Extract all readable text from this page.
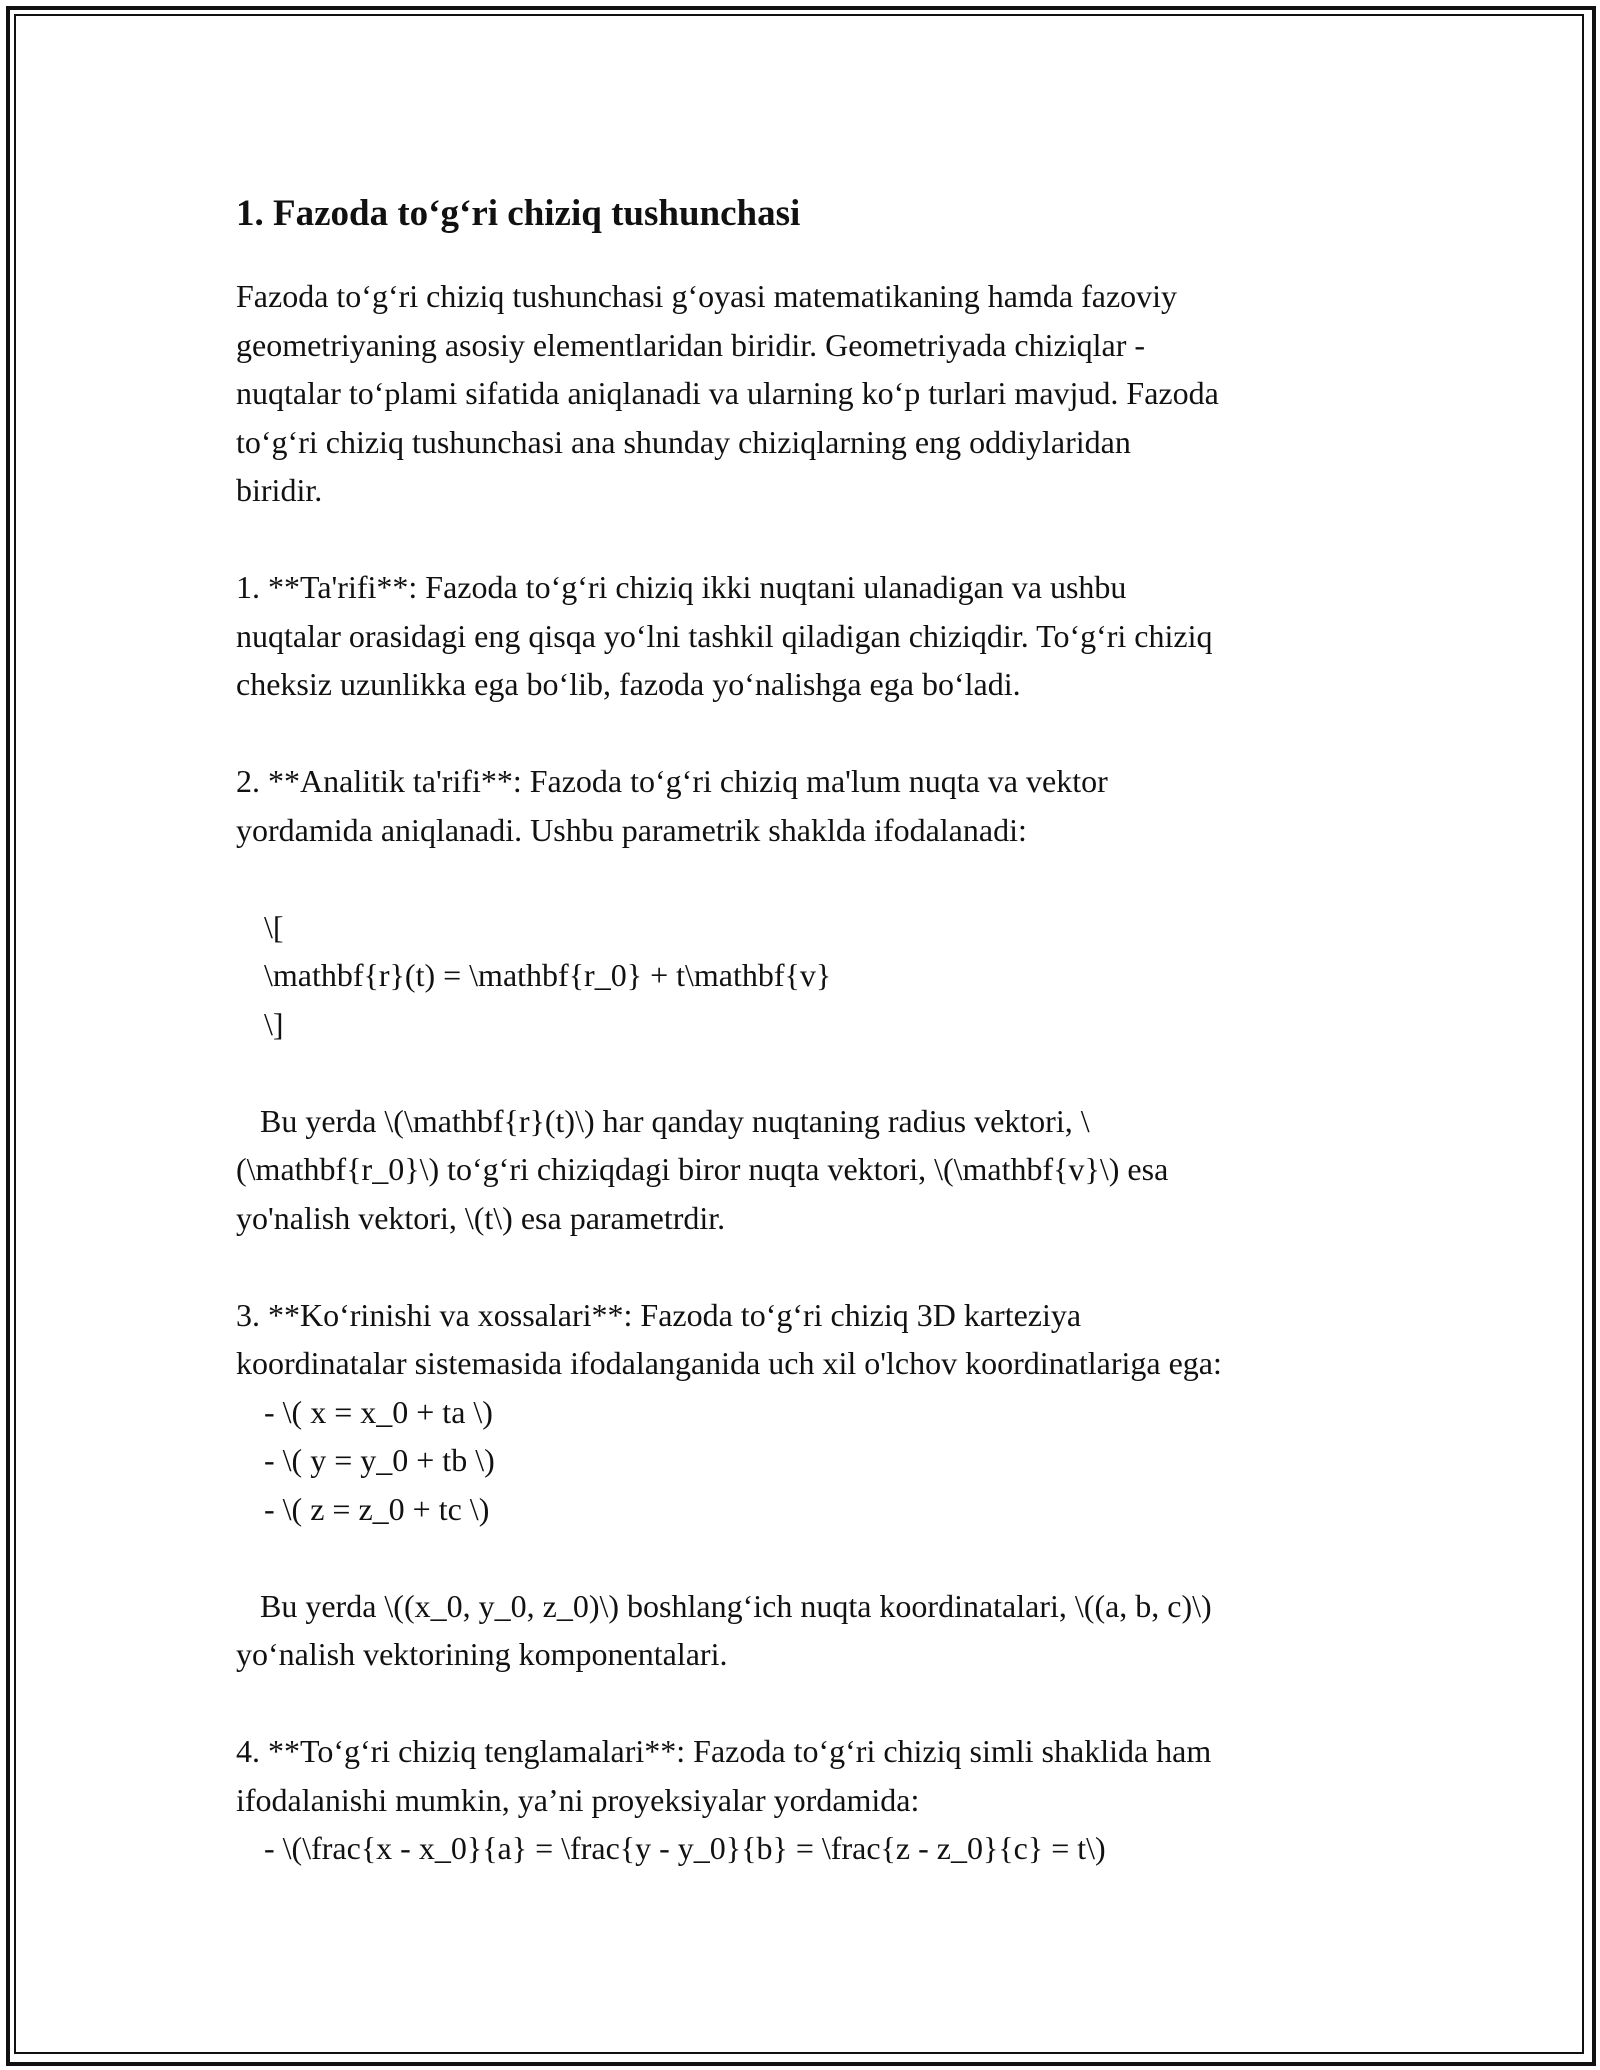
1. Fazoda to‘g‘ri chiziq tushunchasi

Fazoda to‘g‘ri chiziq tushunchasi g‘oyasi matematikaning hamda fazoviy
geometriyaning asosiy elementlaridan biridir. Geometriyada chiziqlar -
nuqtalar to‘plami sifatida aniqlanadi va ularning ko‘p turlari mavjud. Fazoda
to‘g‘ri chiziq tushunchasi ana shunday chiziqlarning eng oddiylaridan
biridir.

1. **Ta'rifi**: Fazoda to‘g‘ri chiziq ikki nuqtani ulanadigan va ushbu
nuqtalar orasidagi eng qisqa yo‘lni tashkil qiladigan chiziqdir. To‘g‘ri chiziq
cheksiz uzunlikka ega bo‘lib, fazoda yo‘nalishga ega bo‘ladi.

2. **Analitik ta'rifi**: Fazoda to‘g‘ri chiziq ma'lum nuqta va vektor
yordamida aniqlanadi. Ushbu parametrik shakldа ifodalanadi:

\[

\mathbf{r}(t) = \mathbf{r_0} + t\mathbf{v}

\]

Bu yerda \(\mathbf{r}(t)\) har qanday nuqtaning radius vektori, \
(\mathbf{r_0}\) to‘g‘ri chiziqdagi biror nuqta vektori, \(\mathbf{v}\) esa
yo'nalish vektori, \(t\) esa parametrdir.

3. **Ko‘rinishi va xossalari**: Fazoda to‘g‘ri chiziq 3D karteziya
koordinatalar sistemasida ifodalanganida uch xil o'lchov koordinatlariga ega:

- \( x = x_0 + ta \)

- \( y = y_0 + tb \)

- \( z = z_0 + tc \)

Bu yerda \((x_0, y_0, z_0)\) boshlang‘ich nuqta koordinatalari, \((a, b, c)\)
yo‘nalish vektorining komponentalari.

4. **To‘g‘ri chiziq tenglamalari**: Fazoda to‘g‘ri chiziq simli shaklida ham
ifodalanishi mumkin, ya’ni proyeksiyalar yordamida:

- \(\frac{x - x_0}{a} = \frac{y - y_0}{b} = \frac{z - z_0}{c} = t\)
